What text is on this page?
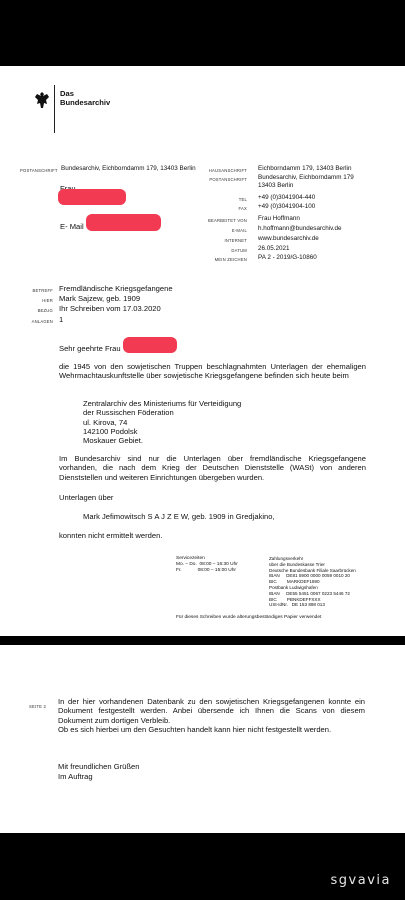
Das
Bundesarchiv
POSTANSCHRIFT Bundesarchiv, Eichborndamm 179, 13403 Berlin
E- Mail
HAUSANSCHRIFT Eichborndamm 179, 13403 Berlin
POSTANSCHRIFT Bundesarchiv, Eichborndamm 179
13403 Berlin
TEL +49 (0)3041904-440
FAX +49 (0)3041904-100
BEARBEITET VON Frau Hoffmann
E-MAIL h.hoffmann@bundesarchiv.de
INTERNET www.bundesarchiv.de
DATUM 26.05.2021
MEIN ZEICHEN PA 2 - 2019/G-10860
BETREFF Fremdländische Kriegsgefangene
HIER Mark Sajzew, geb. 1909
BEZUG Ihr Schreiben vom 17.03.2020
ANLAGEN 1
Sehr geehrte Frau
die 1945 von den sowjetischen Truppen beschlagnahmten Unterlagen der ehemaligen Wehrmachtauskunftstelle über sowjetische Kriegsgefangene befinden sich heute beim
Zentralarchiv des Ministeriums für Verteidigung
der Russischen Föderation
ul. Kirova, 74
142100 Podolsk
Moskauer Gebiet.
Im Bundesarchiv sind nur die Unterlagen über fremdländische Kriegsgefangene vorhanden, die nach dem Krieg der Deutschen Dienststelle (WASt) von anderen Dienststellen und weiteren Einrichtungen übergeben wurden.
Unterlagen über
Mark Jefimowitsch S A J Z E W, geb. 1909 in Gredjakino,
konnten nicht ermittelt werden.
Servicezeiten
Mo. – Do.  08:00 – 16:30 Uhr
Fr.            08:00 – 15:00 Uhr
Zahlungsverkehr
über die Bundeskasse Trier
Deutsche Bundesbank Filiale Saarbrücken
IBAN     DE81 5900 0000 0059 0010 20
BIC        MARKDEF1590
Postbank Ludwigshafen
IBAN     DE55 5451 0067 0223 5446 72
BIC        PBNKDEFFXXX
USt-IdNr.   DE 153 898 013
Für dieses Schreiben wurde alterungsbeständiges Papier verwendet
SEITE 2
In der hier vorhandenen Datenbank zu den sowjetischen Kriegsgefangenen konnte ein Dokument festgestellt werden. Anbei übersende ich Ihnen die Scans von diesem Dokument zum dortigen Verbleib.
Ob es sich hierbei um den Gesuchten handelt kann hier nicht festgestellt werden.
Mit freundlichen Grüßen
Im Auftrag
sgvavia
